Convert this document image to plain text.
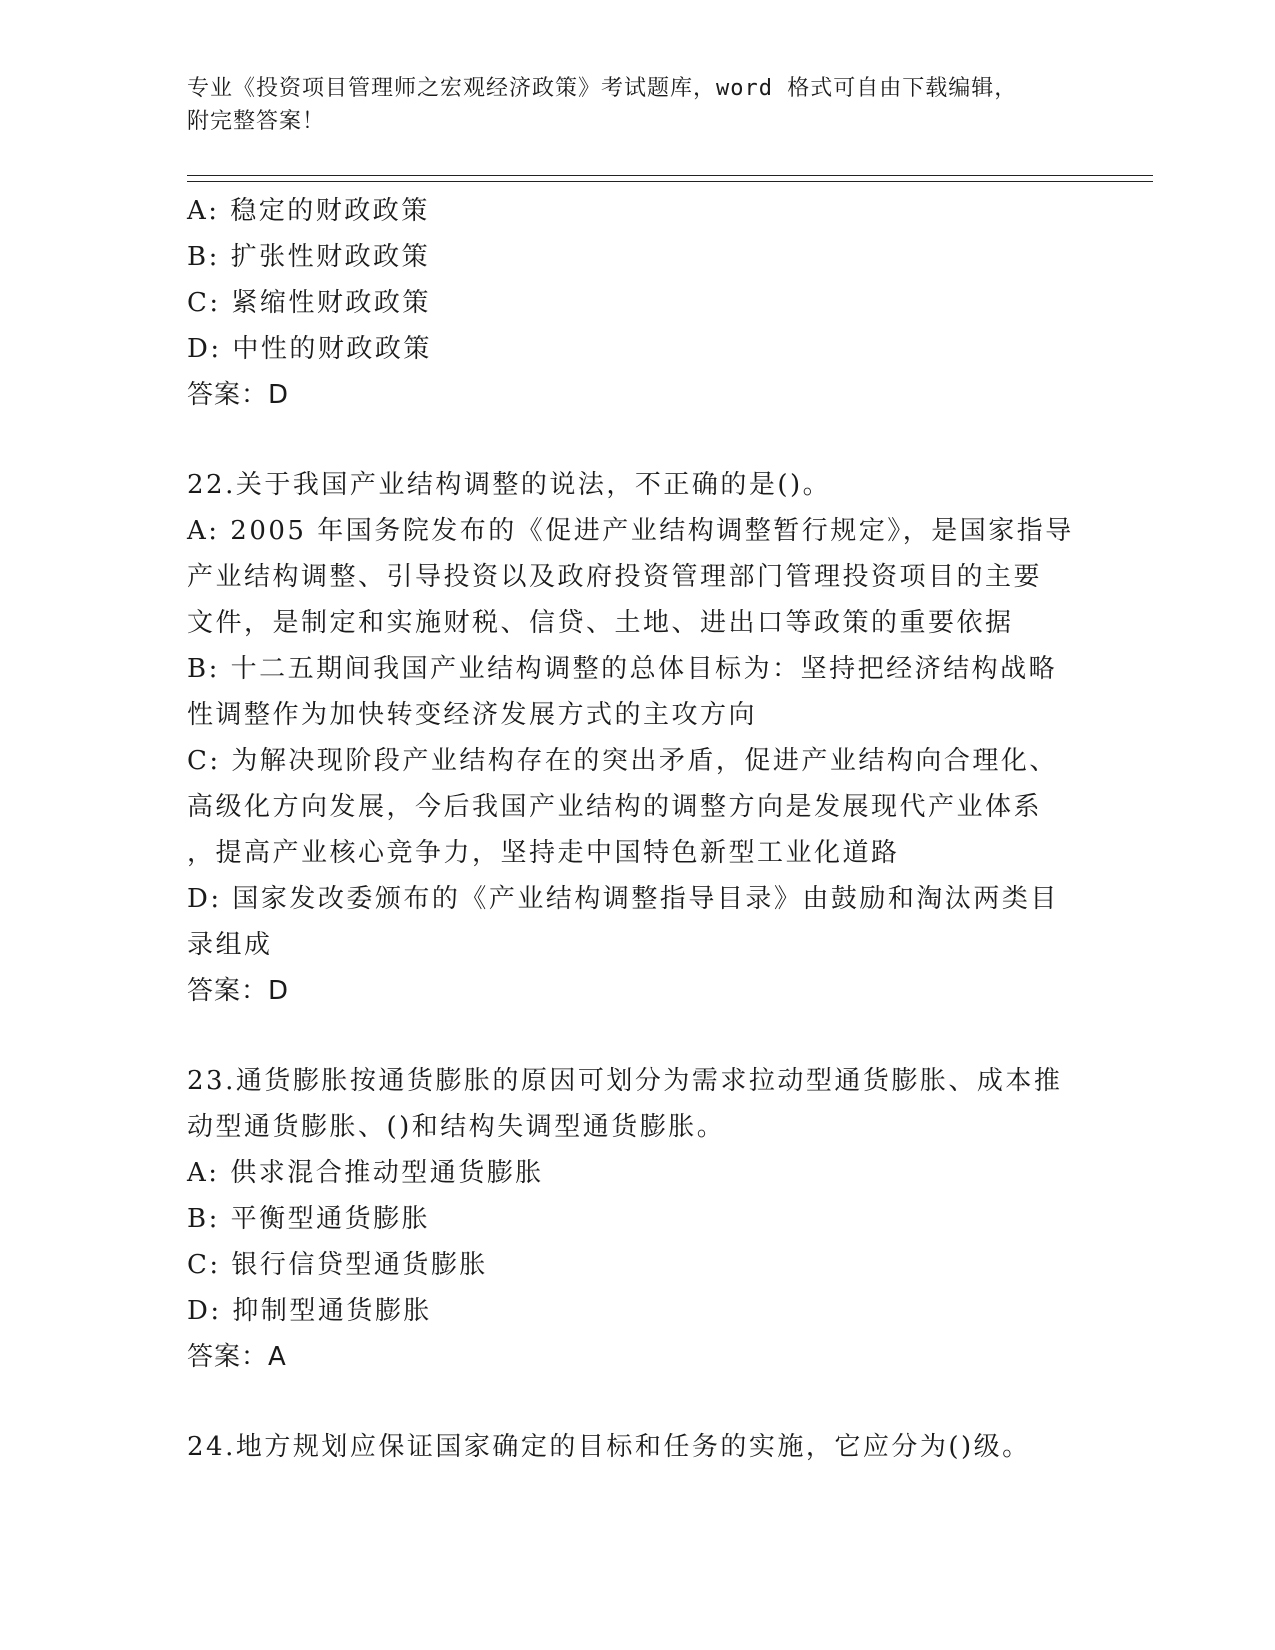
专业《投资项目管理师之宏观经济政策》考试题库，word 格式可自由下载编辑，
附完整答案！
A: 稳定的财政政策
B: 扩张性财政政策
C: 紧缩性财政政策
D: 中性的财政政策
答案：D
22.关于我国产业结构调整的说法，不正确的是()。
A: 2005 年国务院发布的《促进产业结构调整暂行规定》，是国家指导
产业结构调整、引导投资以及政府投资管理部门管理投资项目的主要
文件，是制定和实施财税、信贷、土地、进出口等政策的重要依据
B: 十二五期间我国产业结构调整的总体目标为：坚持把经济结构战略
性调整作为加快转变经济发展方式的主攻方向
C: 为解决现阶段产业结构存在的突出矛盾，促进产业结构向合理化、
高级化方向发展，今后我国产业结构的调整方向是发展现代产业体系
，提高产业核心竞争力，坚持走中国特色新型工业化道路
D: 国家发改委颁布的《产业结构调整指导目录》由鼓励和淘汰两类目
录组成
答案：D
23.通货膨胀按通货膨胀的原因可划分为需求拉动型通货膨胀、成本推
动型通货膨胀、()和结构失调型通货膨胀。
A: 供求混合推动型通货膨胀
B: 平衡型通货膨胀
C: 银行信贷型通货膨胀
D: 抑制型通货膨胀
答案：A
24.地方规划应保证国家确定的目标和任务的实施，它应分为()级。
